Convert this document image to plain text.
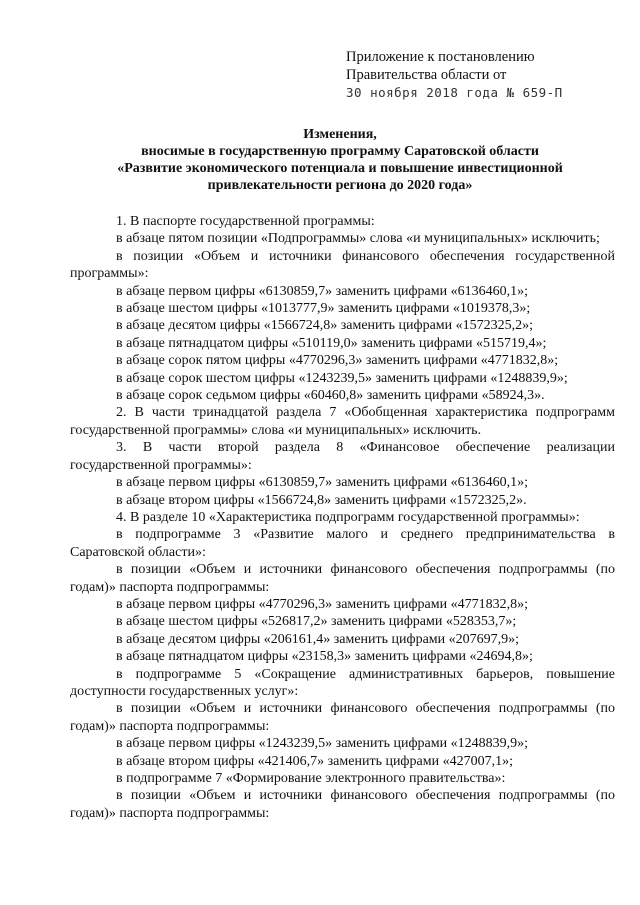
Приложение к постановлению
Правительства области от
30 ноября 2018 года № 659-П
Изменения,
вносимые в государственную программу Саратовской области
«Развитие экономического потенциала и повышение инвестиционной
привлекательности региона до 2020 года»

1. В паспорте государственной программы:

в абзаце пятом позиции «Подпрограммы» слова «и муниципальных» исключить;

в позиции «Объем и источники финансового обеспечения государственной программы»:

в абзаце первом цифры «6130859,7» заменить цифрами «6136460,1»;

в абзаце шестом цифры «1013777,9» заменить цифрами «1019378,3»;

в абзаце десятом цифры «1566724,8» заменить цифрами «1572325,2»;

в абзаце пятнадцатом цифры «510119,0» заменить цифрами «515719,4»;

в абзаце сорок пятом цифры «4770296,3» заменить цифрами «4771832,8»;

в абзаце сорок шестом цифры «1243239,5» заменить цифрами «1248839,9»;

в абзаце сорок седьмом цифры «60460,8» заменить цифрами «58924,3».

2. В части тринадцатой раздела 7 «Обобщенная характеристика подпрограмм государственной программы» слова «и муниципальных» исключить.

3. В части второй раздела 8 «Финансовое обеспечение реализации государственной программы»:

в абзаце первом цифры «6130859,7» заменить цифрами «6136460,1»;

в абзаце втором цифры «1566724,8» заменить цифрами «1572325,2».

4. В разделе 10 «Характеристика подпрограмм государственной программы»:

в подпрограмме 3 «Развитие малого и среднего предпринимательства в Саратовской области»:

в позиции «Объем и источники финансового обеспечения подпрограммы (по годам)» паспорта подпрограммы:

в абзаце первом цифры «4770296,3» заменить цифрами «4771832,8»;

в абзаце шестом цифры «526817,2» заменить цифрами «528353,7»;

в абзаце десятом цифры «206161,4» заменить цифрами «207697,9»;

в абзаце пятнадцатом цифры «23158,3» заменить цифрами «24694,8»;

в подпрограмме 5 «Сокращение административных барьеров, повышение доступности государственных услуг»:

в позиции «Объем и источники финансового обеспечения подпрограммы (по годам)» паспорта подпрограммы:

в абзаце первом цифры «1243239,5» заменить цифрами «1248839,9»;

в абзаце втором цифры «421406,7» заменить цифрами «427007,1»;

в подпрограмме 7 «Формирование электронного правительства»:

в позиции «Объем и источники финансового обеспечения подпрограммы (по годам)» паспорта подпрограммы:
